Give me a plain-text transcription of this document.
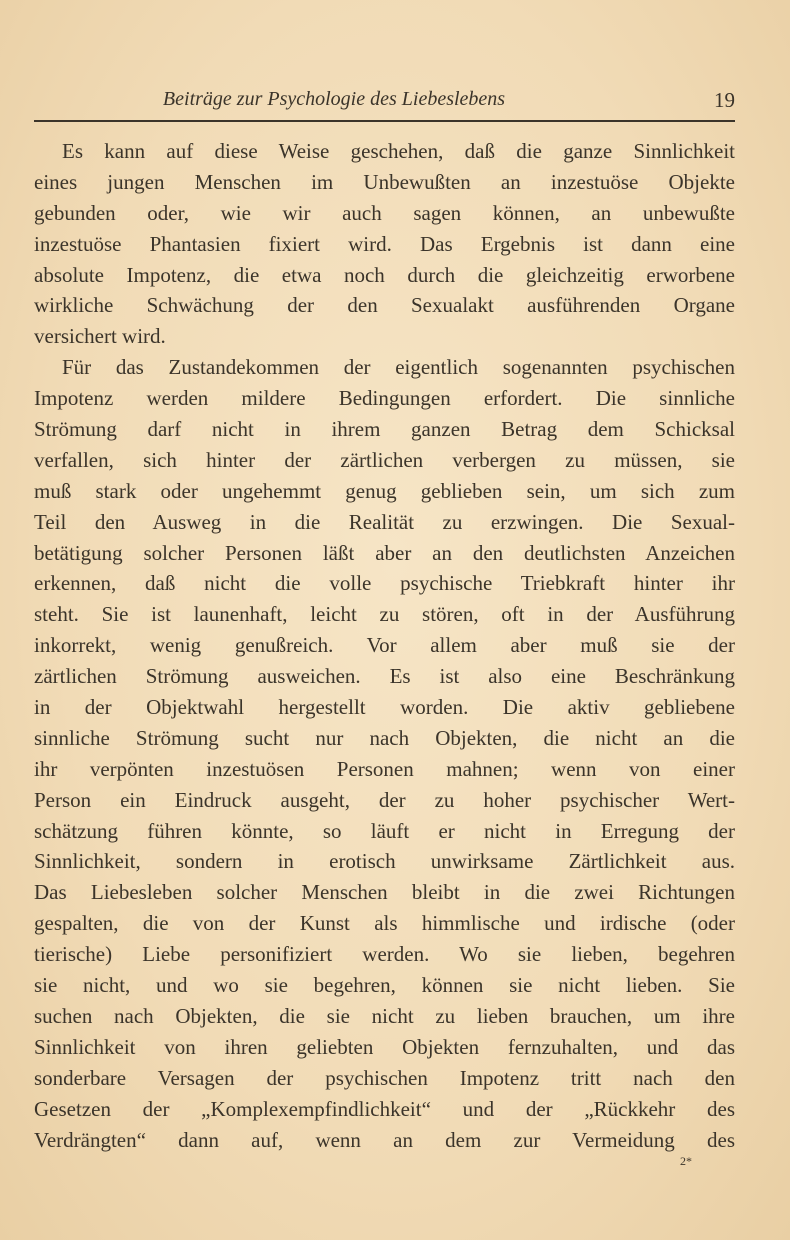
Beiträge zur Psychologie des Liebeslebens	19
Es kann auf diese Weise geschehen, daß die ganze Sinnlichkeit
eines jungen Menschen im Unbewußten an inzestuöse Objekte
gebunden oder, wie wir auch sagen können, an unbewußte
inzestuöse Phantasien fixiert wird. Das Ergebnis ist dann eine
absolute Impotenz, die etwa noch durch die gleichzeitig erworbene
wirkliche Schwächung der den Sexualakt ausführenden Organe
versichert wird.
Für das Zustandekommen der eigentlich sogenannten psychischen
Impotenz werden mildere Bedingungen erfordert. Die sinnliche
Strömung darf nicht in ihrem ganzen Betrag dem Schicksal
verfallen, sich hinter der zärtlichen verbergen zu müssen, sie
muß stark oder ungehemmt genug geblieben sein, um sich zum
Teil den Ausweg in die Realität zu erzwingen. Die Sexual-
betätigung solcher Personen läßt aber an den deutlichsten Anzeichen
erkennen, daß nicht die volle psychische Triebkraft hinter ihr
steht. Sie ist launenhaft, leicht zu stören, oft in der Ausführung
inkorrekt, wenig genußreich. Vor allem aber muß sie der
zärtlichen Strömung ausweichen. Es ist also eine Beschränkung
in der Objektwahl hergestellt worden. Die aktiv gebliebene
sinnliche Strömung sucht nur nach Objekten, die nicht an die
ihr verpönten inzestuösen Personen mahnen; wenn von einer
Person ein Eindruck ausgeht, der zu hoher psychischer Wert-
schätzung führen könnte, so läuft er nicht in Erregung der
Sinnlichkeit, sondern in erotisch unwirksame Zärtlichkeit aus.
Das Liebesleben solcher Menschen bleibt in die zwei Richtungen
gespalten, die von der Kunst als himmlische und irdische (oder
tierische) Liebe personifiziert werden. Wo sie lieben, begehren
sie nicht, und wo sie begehren, können sie nicht lieben. Sie
suchen nach Objekten, die sie nicht zu lieben brauchen, um ihre
Sinnlichkeit von ihren geliebten Objekten fernzuhalten, und das
sonderbare Versagen der psychischen Impotenz tritt nach den
Gesetzen der „Komplexempfindlichkeit“ und der „Rückkehr des
Verdrängten“ dann auf, wenn an dem zur Vermeidung des
2*
